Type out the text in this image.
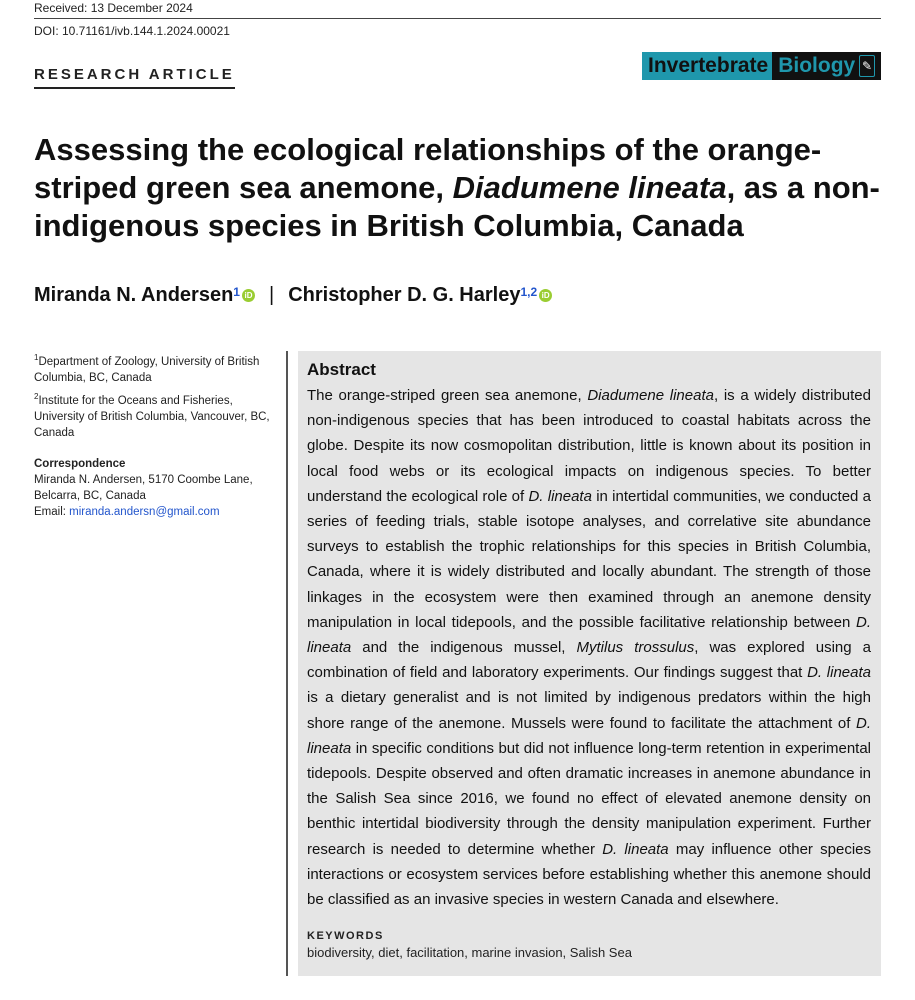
Received: 13 December 2024
DOI: 10.71161/ivb.144.1.2024.00021
RESEARCH ARTICLE	Invertebrate Biology ✎
Assessing the ecological relationships of the orange-striped green sea anemone, Diadumene lineata, as a non-indigenous species in British Columbia, Canada
Miranda N. Andersen$^1$ iD | Christopher D. G. Harley$^{1,2}$ iD
$^1$Department of Zoology, University of British Columbia, BC, Canada
$^2$Institute for the Oceans and Fisheries, University of British Columbia, Vancouver, BC, Canada
Correspondence
Miranda N. Andersen, 5170 Coombe Lane,
Belcarra, BC, Canada
Email: miranda.andersn@gmail.com
Abstract
The orange-striped green sea anemone, Diadumene lineata, is a widely distributed non-indigenous species that has been introduced to coastal habitats across the globe. Despite its now cosmopolitan distribution, little is known about its position in local food webs or its ecological impacts on indigenous species. To better understand the ecological role of D. lineata in intertidal communities, we conducted a series of feeding trials, stable isotope analyses, and correlative site abundance surveys to establish the trophic relationships for this species in British Columbia, Canada, where it is widely distributed and locally abundant. The strength of those linkages in the ecosystem were then examined through an anemone density manipulation in local tidepools, and the possible facilitative relationship between D. lineata and the indigenous mussel, Mytilus trossulus, was explored using a combination of field and laboratory experiments. Our findings suggest that D. lineata is a dietary generalist and is not limited by indigenous predators within the high shore range of the anemone. Mussels were found to facilitate the attachment of D. lineata in specific conditions but did not influence long-term retention in experimental tidepools. Despite observed and often dramatic increases in anemone abundance in the Salish Sea since 2016, we found no effect of elevated anemone density on benthic intertidal biodiversity through the density manipulation experiment. Further research is needed to determine whether D. lineata may influence other species interactions or ecosystem services before establishing whether this anemone should be classified as an invasive species in western Canada and elsewhere.
KEYWORDS
biodiversity, diet, facilitation, marine invasion, Salish Sea
